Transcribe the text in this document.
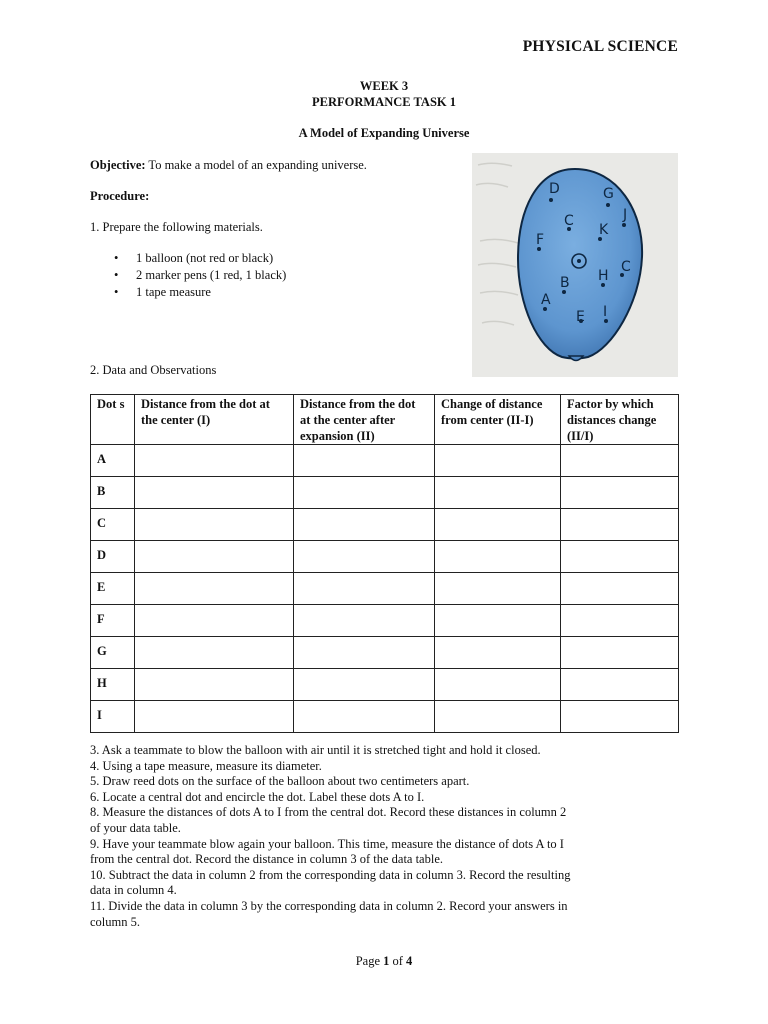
PHYSICAL SCIENCE
WEEK 3
PERFORMANCE TASK 1
A Model of Expanding Universe
Objective: To make a model of an expanding universe.
Procedure:
1. Prepare the following materials.
• 1 balloon (not red or black)
• 2 marker pens (1 red, 1 black)
• 1 tape measure
D	G
J
C
K
F
B H
C
A
E I
2. Data and Observations
Dot s	Distance from the dot at the center (I)	Distance from the dot at the center after expansion (II)	Change of distance from center (II-I)	Factor by which distances change (II/I)
A				
B				
C				
D				
E				
F				
G				
H				
I				
3. Ask a teammate to blow the balloon with air until it is stretched tight and hold it closed.
4. Using a tape measure, measure its diameter.
5. Draw reed dots on the surface of the balloon about two centimeters apart.
6. Locate a central dot and encircle the dot. Label these dots A to I.
8. Measure the distances of dots A to I from the central dot. Record these distances in column 2
of your data table.
9. Have your teammate blow again your balloon. This time, measure the distance of dots A to I
from the central dot. Record the distance in column 3 of the data table.
10. Subtract the data in column 2 from the corresponding data in column 3. Record the resulting
data in column 4.
11. Divide the data in column 3 by the corresponding data in column 2. Record your answers in
column 5.
Page 1 of 4
